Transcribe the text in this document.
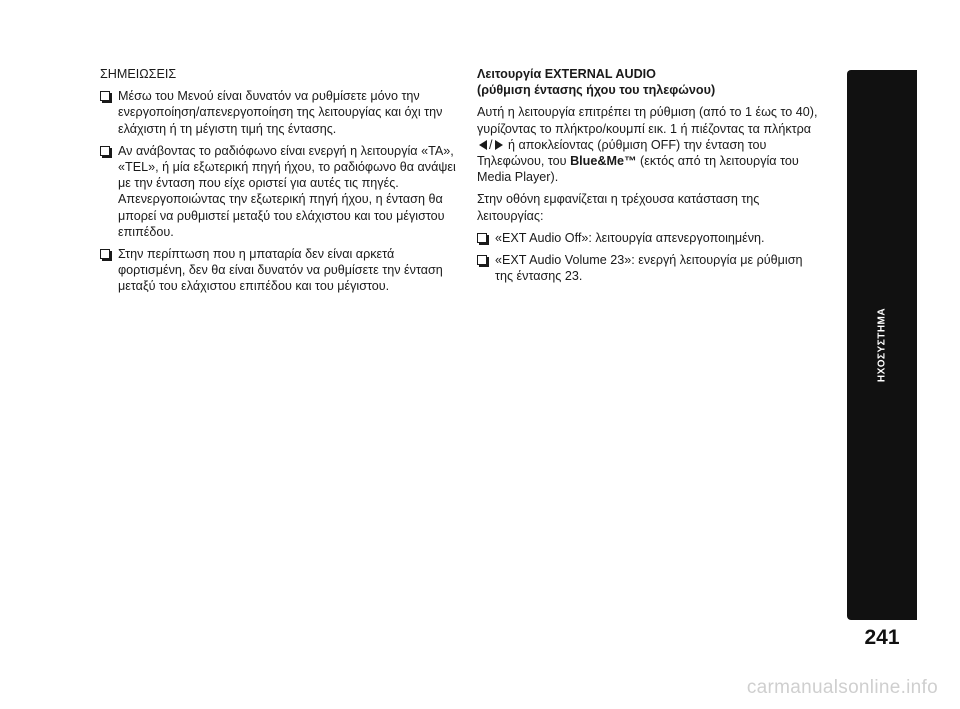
ΣΗΜΕΙΩΣΕΙΣ
Μέσω του Μενού είναι δυνατόν να ρυθμίσετε μόνο την ενεργοποίηση/απενεργοποίηση της λειτουργίας και όχι την ελάχιστη ή τη μέγιστη τιμή της έντασης.
Αν ανάβοντας το ραδιόφωνο είναι ενεργή η λειτουργία «TA», «TEL», ή μία εξωτερική πηγή ήχου, το ραδιόφωνο θα ανάψει με την ένταση που είχε οριστεί για αυτές τις πηγές. Απενεργοποιώντας την εξωτερική πηγή ήχου, η ένταση θα μπορεί να ρυθμιστεί μεταξύ του ελάχιστου και του μέγιστου επιπέδου.
Στην περίπτωση που η μπαταρία δεν είναι αρκετά φορτισμένη, δεν θα είναι δυνατόν να ρυθμίσετε την ένταση μεταξύ του ελάχιστου επιπέδου και του μέγιστου.
Λειτουργία EXTERNAL AUDIO
(ρύθμιση έντασης ήχου του τηλεφώνου)

Αυτή η λειτουργία επιτρέπει τη ρύθμιση (από το 1 έως το 40), γυρίζοντας το πλήκτρο/κουμπί εικ. 1 ή πιέζοντας τα πλήκτρα / ή αποκλείοντας (ρύθμιση OFF) την ένταση του Τηλεφώνου, του Blue&Me™ (εκτός από τη λειτουργία του Media Player).

Στην οθόνη εμφανίζεται η τρέχουσα κατάσταση της λειτουργίας:

«EXT Audio Off»: λειτουργία απενεργοποιημένη.
«EXT Audio Volume 23»: ενεργή λειτουργία με ρύθμιση της έντασης 23.
ΗΧΟΣΥΣΤΗΜΑ
241
carmanualsonline.info
